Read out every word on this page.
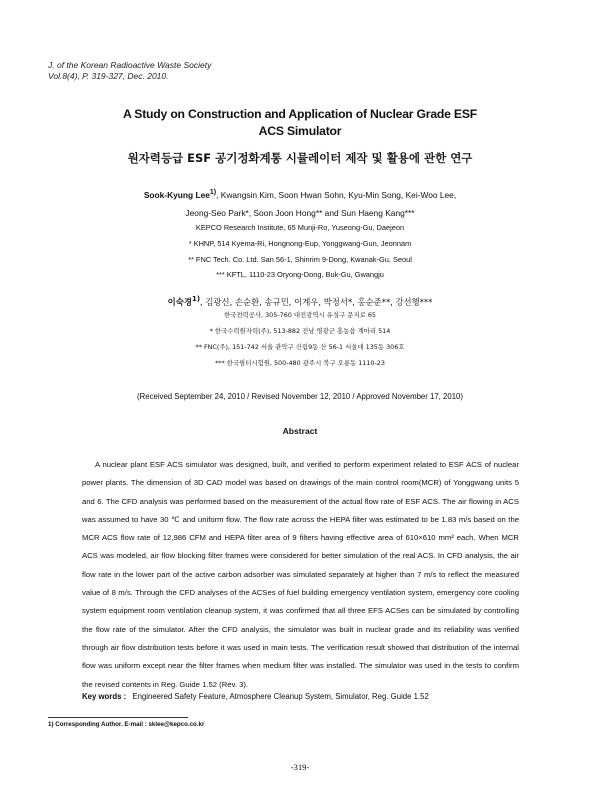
J. of the Korean Radioactive Waste Society
Vol.8(4), P. 319-327, Dec. 2010.
A Study on Construction and Application of Nuclear Grade ESF
ACS Simulator
원자력등급 ESF 공기정화계통 시뮬레이터 제작 및 활용에 관한 연구
Sook-Kyung Lee$^{1)}$, Kwangsin Kim, Soon Hwan Sohn, Kyu-Min Song, Kei-Woo Lee,
Jeong-Seo Park*, Soon Joon Hong** and Sun Haeng Kang***
KEPCO Research Institute, 65 Munji-Ro, Yuseong-Gu, Daejeon
* KHNP, 514 Kyema-Ri, Hongnong-Eup, Yonggwang-Gun, Jeonnam
** FNC Tech. Co. Ltd. San 56-1, Shinrim 9-Dong, Kwanak-Gu, Seoul
*** KFTL, 1110-23 Oryong-Dong, Buk-Gu, Gwangju
이숙경$^{1)}$, 김광신, 손순환, 송규민, 이계우, 박정서*, 홍순준**, 강선행***
한국전력공사, 305-760 대전광역시 유성구 문지로 65
* 한국수력원자력(주), 513-882 전남 영광군 홍농읍 계마리 514
** FNC(주), 151-742 서울 관악구 신림9동 산 56-1 서울대 135동 306호
*** 한국필터시험원, 500-480 광주시 북구 오룡동 1110-23
(Received September 24, 2010 / Revised November 12, 2010 / Approved November 17, 2010)
Abstract

A nuclear plant ESF ACS simulator was designed, built, and verified to perform experiment related to ESF ACS of nuclear power plants. The dimension of 3D CAD model was based on drawings of the main control room(MCR) of Yonggwang units 5 and 6. The CFD analysis was performed based on the measurement of the actual flow rate of ESF ACS. The air flowing in ACS was assumed to have 30 ℃ and uniform flow. The flow rate across the HEPA filter was estimated to be 1.83 m/s based on the MCR ACS flow rate of 12,986 CFM and HEPA filter area of 9 filters having effective area of 610×610 mm² each. When MCR ACS was modeled, air flow blocking filter frames were considered for better simulation of the real ACS. In CFD analysis, the air flow rate in the lower part of the active carbon adsorber was simulated separately at higher than 7 m/s to reflect the measured value of 8 m/s. Through the CFD analyses of the ACSes of fuel building emergency ventilation system, emergency core cooling system equipment room ventilation cleanup system, it was confirmed that all three EFS ACSes can be simulated by controlling the flow rate of the simulator. After the CFD analysis, the simulator was built in nuclear grade and its reliability was verified through air flow distribution tests before it was used in main tests. The verification result showed that distribution of the internal flow was uniform except near the filter frames when medium filter was installed. The simulator was used in the tests to confirm the revised contents in Reg. Guide 1.52 (Rev. 3).

Key words : Engineered Safety Feature, Atmosphere Cleanup System, Simulator, Reg. Guide 1.52
1) Corresponding Author. E-mail : sklee@kepco.co.kr
-319-
